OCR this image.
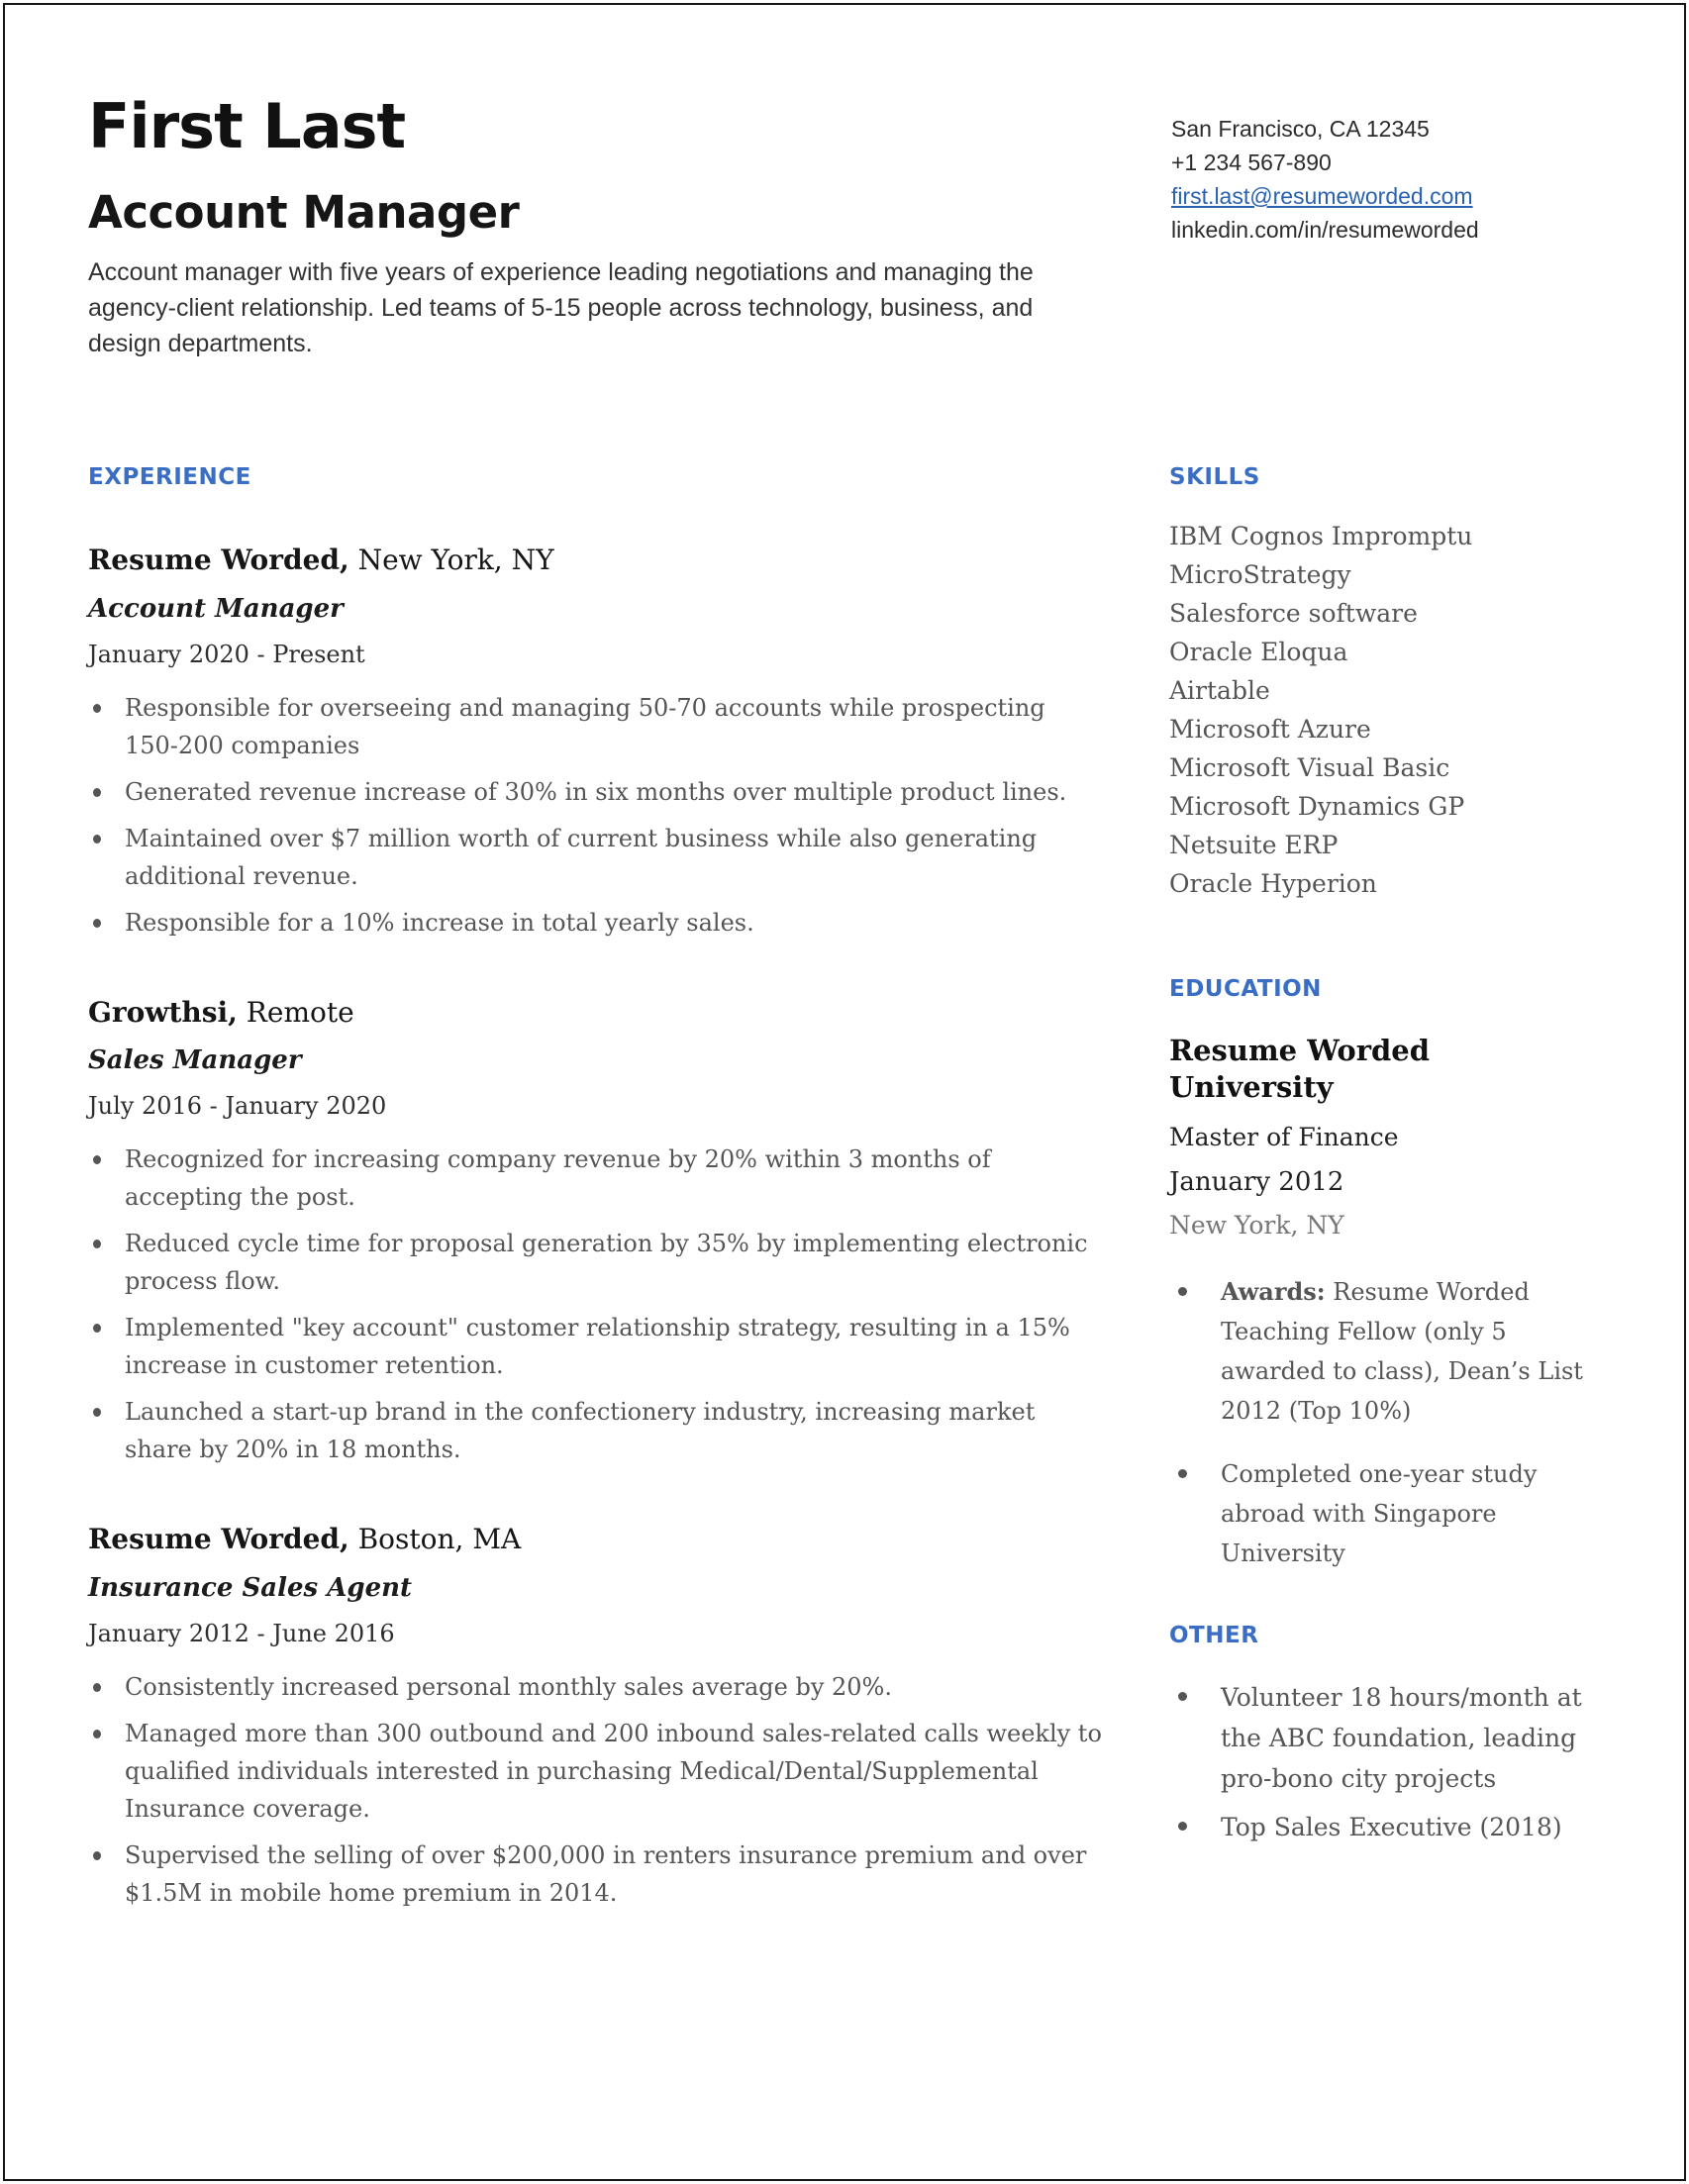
First Last
Account Manager

Account manager with five years of experience leading negotiations and managing the agency-client relationship. Led teams of 5-15 people across technology, business, and design departments.

San Francisco, CA 12345
+1 234 567-890
first.last@resumeworded.com
linkedin.com/in/resumeworded
EXPERIENCE
Resume Worded, New York, NY
Account Manager
January 2020 - Present
Responsible for overseeing and managing 50-70 accounts while prospecting 150-200 companies
Generated revenue increase of 30% in six months over multiple product lines.
Maintained over $7 million worth of current business while also generating additional revenue.
Responsible for a 10% increase in total yearly sales.
Growthsi, Remote
Sales Manager
July 2016 - January 2020
Recognized for increasing company revenue by 20% within 3 months of accepting the post.
Reduced cycle time for proposal generation by 35% by implementing electronic process flow.
Implemented "key account" customer relationship strategy, resulting in a 15% increase in customer retention.
Launched a start-up brand in the confectionery industry, increasing market share by 20% in 18 months.
Resume Worded, Boston, MA
Insurance Sales Agent
January 2012 - June 2016
Consistently increased personal monthly sales average by 20%.
Managed more than 300 outbound and 200 inbound sales-related calls weekly to qualified individuals interested in purchasing Medical/Dental/Supplemental Insurance coverage.
Supervised the selling of over $200,000 in renters insurance premium and over $1.5M in mobile home premium in 2014.
SKILLS
IBM Cognos Impromptu
MicroStrategy
Salesforce software
Oracle Eloqua
Airtable
Microsoft Azure
Microsoft Visual Basic
Microsoft Dynamics GP
Netsuite ERP
Oracle Hyperion
EDUCATION
Resume Worded University
Master of Finance
January 2012
New York, NY
Awards: Resume Worded Teaching Fellow (only 5 awarded to class), Dean’s List 2012 (Top 10%)
Completed one-year study abroad with Singapore University
OTHER
Volunteer 18 hours/month at the ABC foundation, leading pro-bono city projects
Top Sales Executive (2018)
